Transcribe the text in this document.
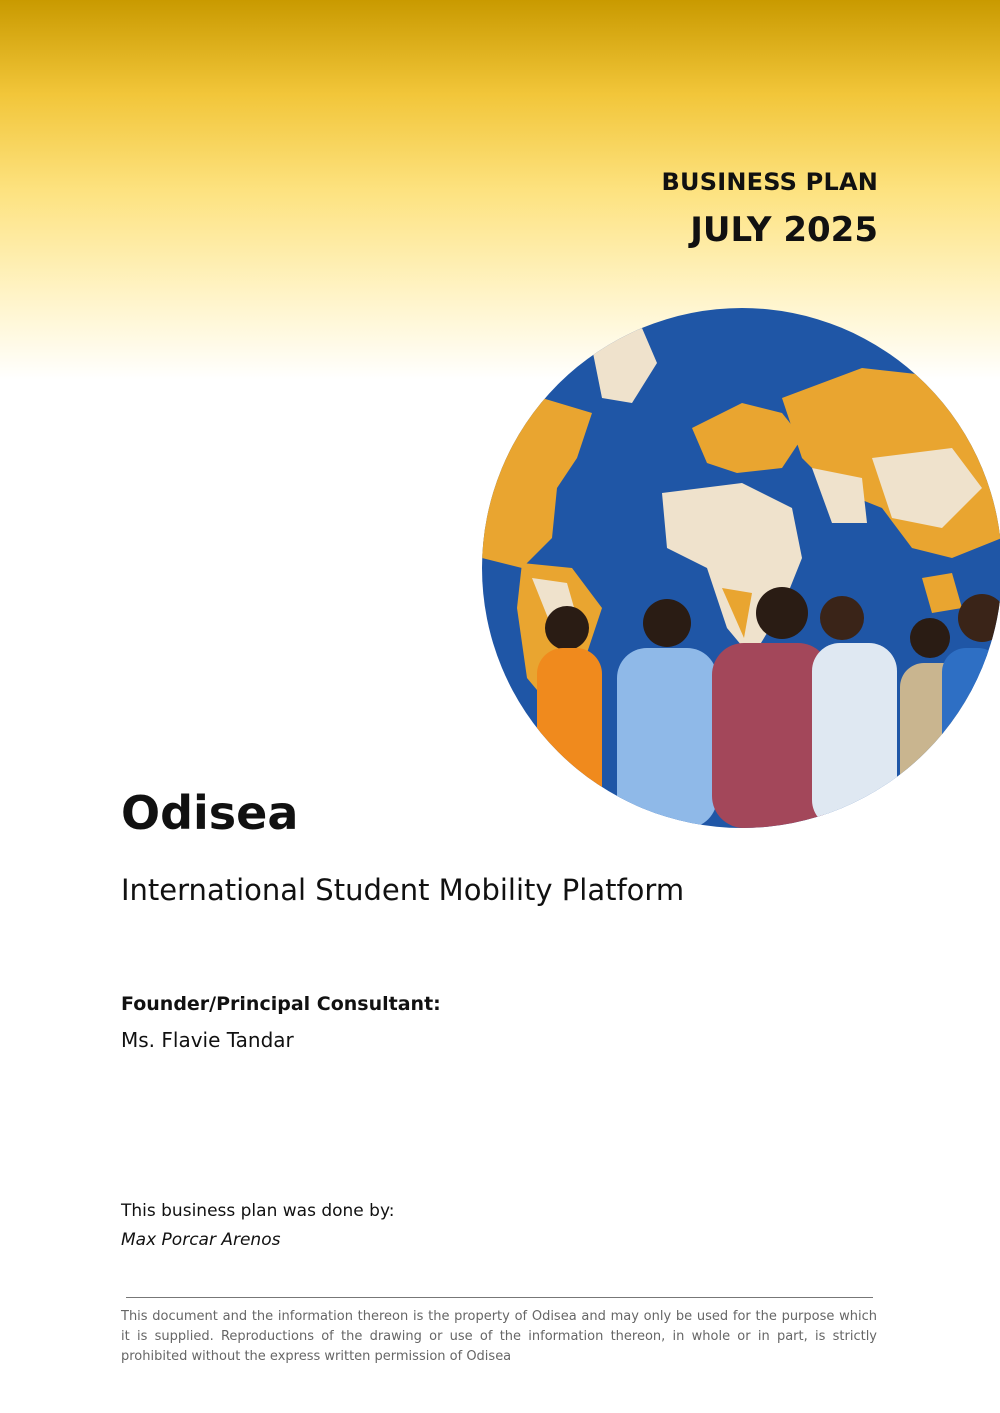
BUSINESS PLAN
JULY 2025
Odisea
International Student Mobility Platform
Founder/Principal Consultant:
Ms. Flavie Tandar
This business plan was done by:
Max Porcar Arenos
This document and the information thereon is the property of Odisea and may only be used for the purpose which it is supplied. Reproductions of the drawing or use of the information thereon, in whole or in part, is strictly prohibited without the express written permission of Odisea
